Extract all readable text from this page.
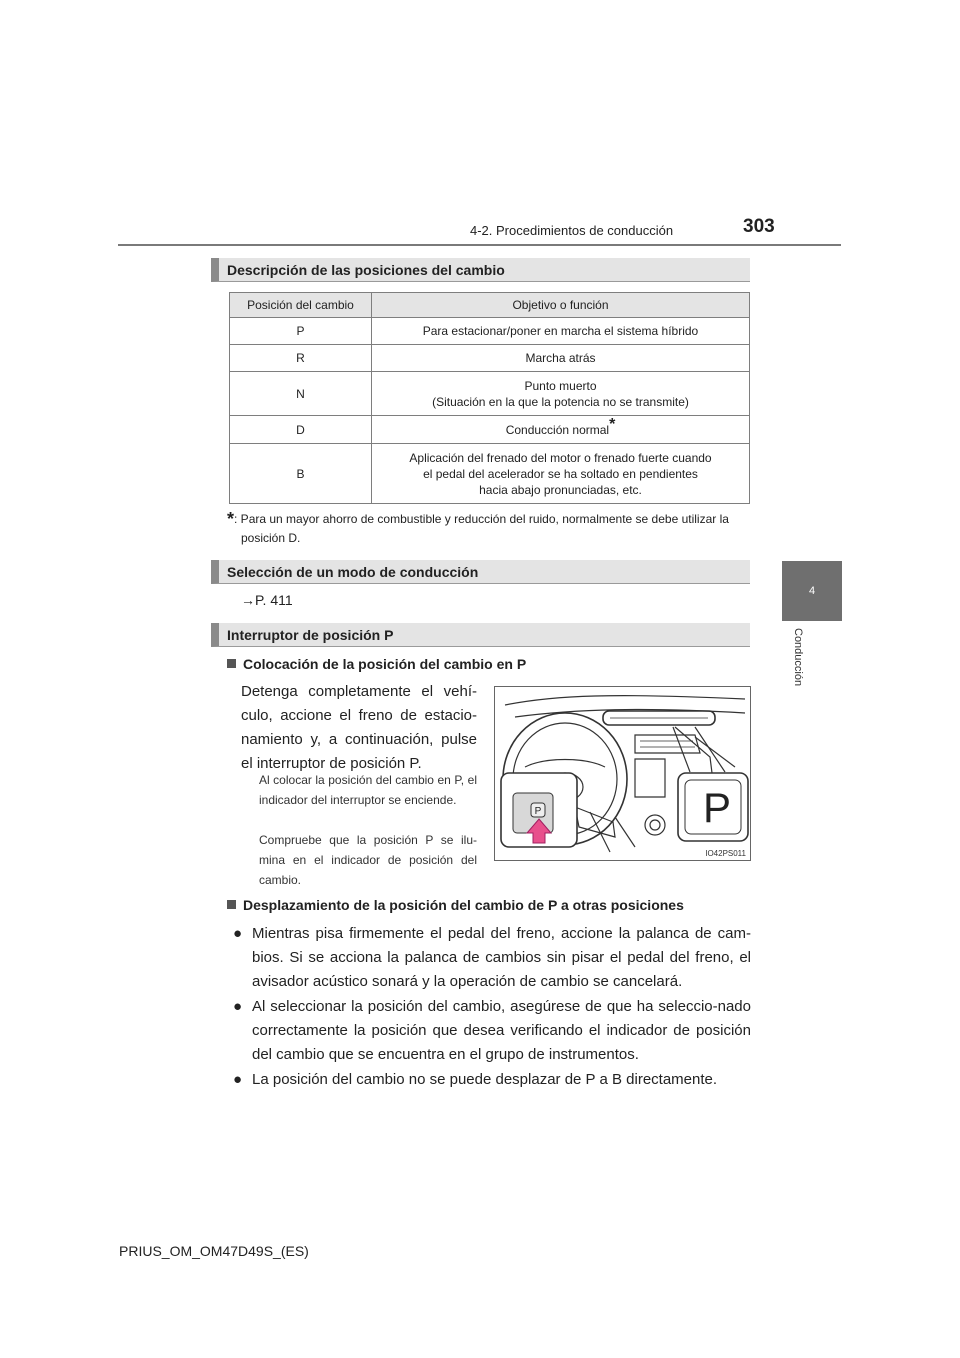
4-2. Procedimientos de conducción	303
4
Conducción
Descripción de las posiciones del cambio
Posición del cambio	Objetivo o función
P	Para estacionar/poner en marcha el sistema híbrido
R	Marcha atrás
N	Punto muerto
(Situación en la que la potencia no se transmite)

D	Conducción normal*
B	Aplicación del frenado del motor o frenado fuerte cuando
el pedal del acelerador se ha soltado en pendientes
hacia abajo pronunciadas, etc.
*: Para un mayor ahorro de combustible y reducción del ruido, normalmente se debe utilizar la posición D.
Selección de un modo de conducción
→P. 411
Interruptor de posición P
Colocación de la posición del cambio en P
Detenga completamente el vehí-culo, accione el freno de estacio-namiento y, a continuación, pulse el interruptor de posición P.
Al colocar la posición del cambio en P, el indicador del interruptor se enciende.
Compruebe que la posición P se ilu-mina en el indicador de posición del cambio.
P	P
IO42PS011
Desplazamiento de la posición del cambio de P a otras posiciones
● Mientras pisa firmemente el pedal del freno, accione la palanca de cam-bios. Si se acciona la palanca de cambios sin pisar el pedal del freno, el avisador acústico sonará y la operación de cambio se cancelará.
● Al seleccionar la posición del cambio, asegúrese de que ha seleccio-nado correctamente la posición que desea verificando el indicador de posición del cambio que se encuentra en el grupo de instrumentos.
● La posición del cambio no se puede desplazar de P a B directamente.
PRIUS_OM_OM47D49S_(ES)
